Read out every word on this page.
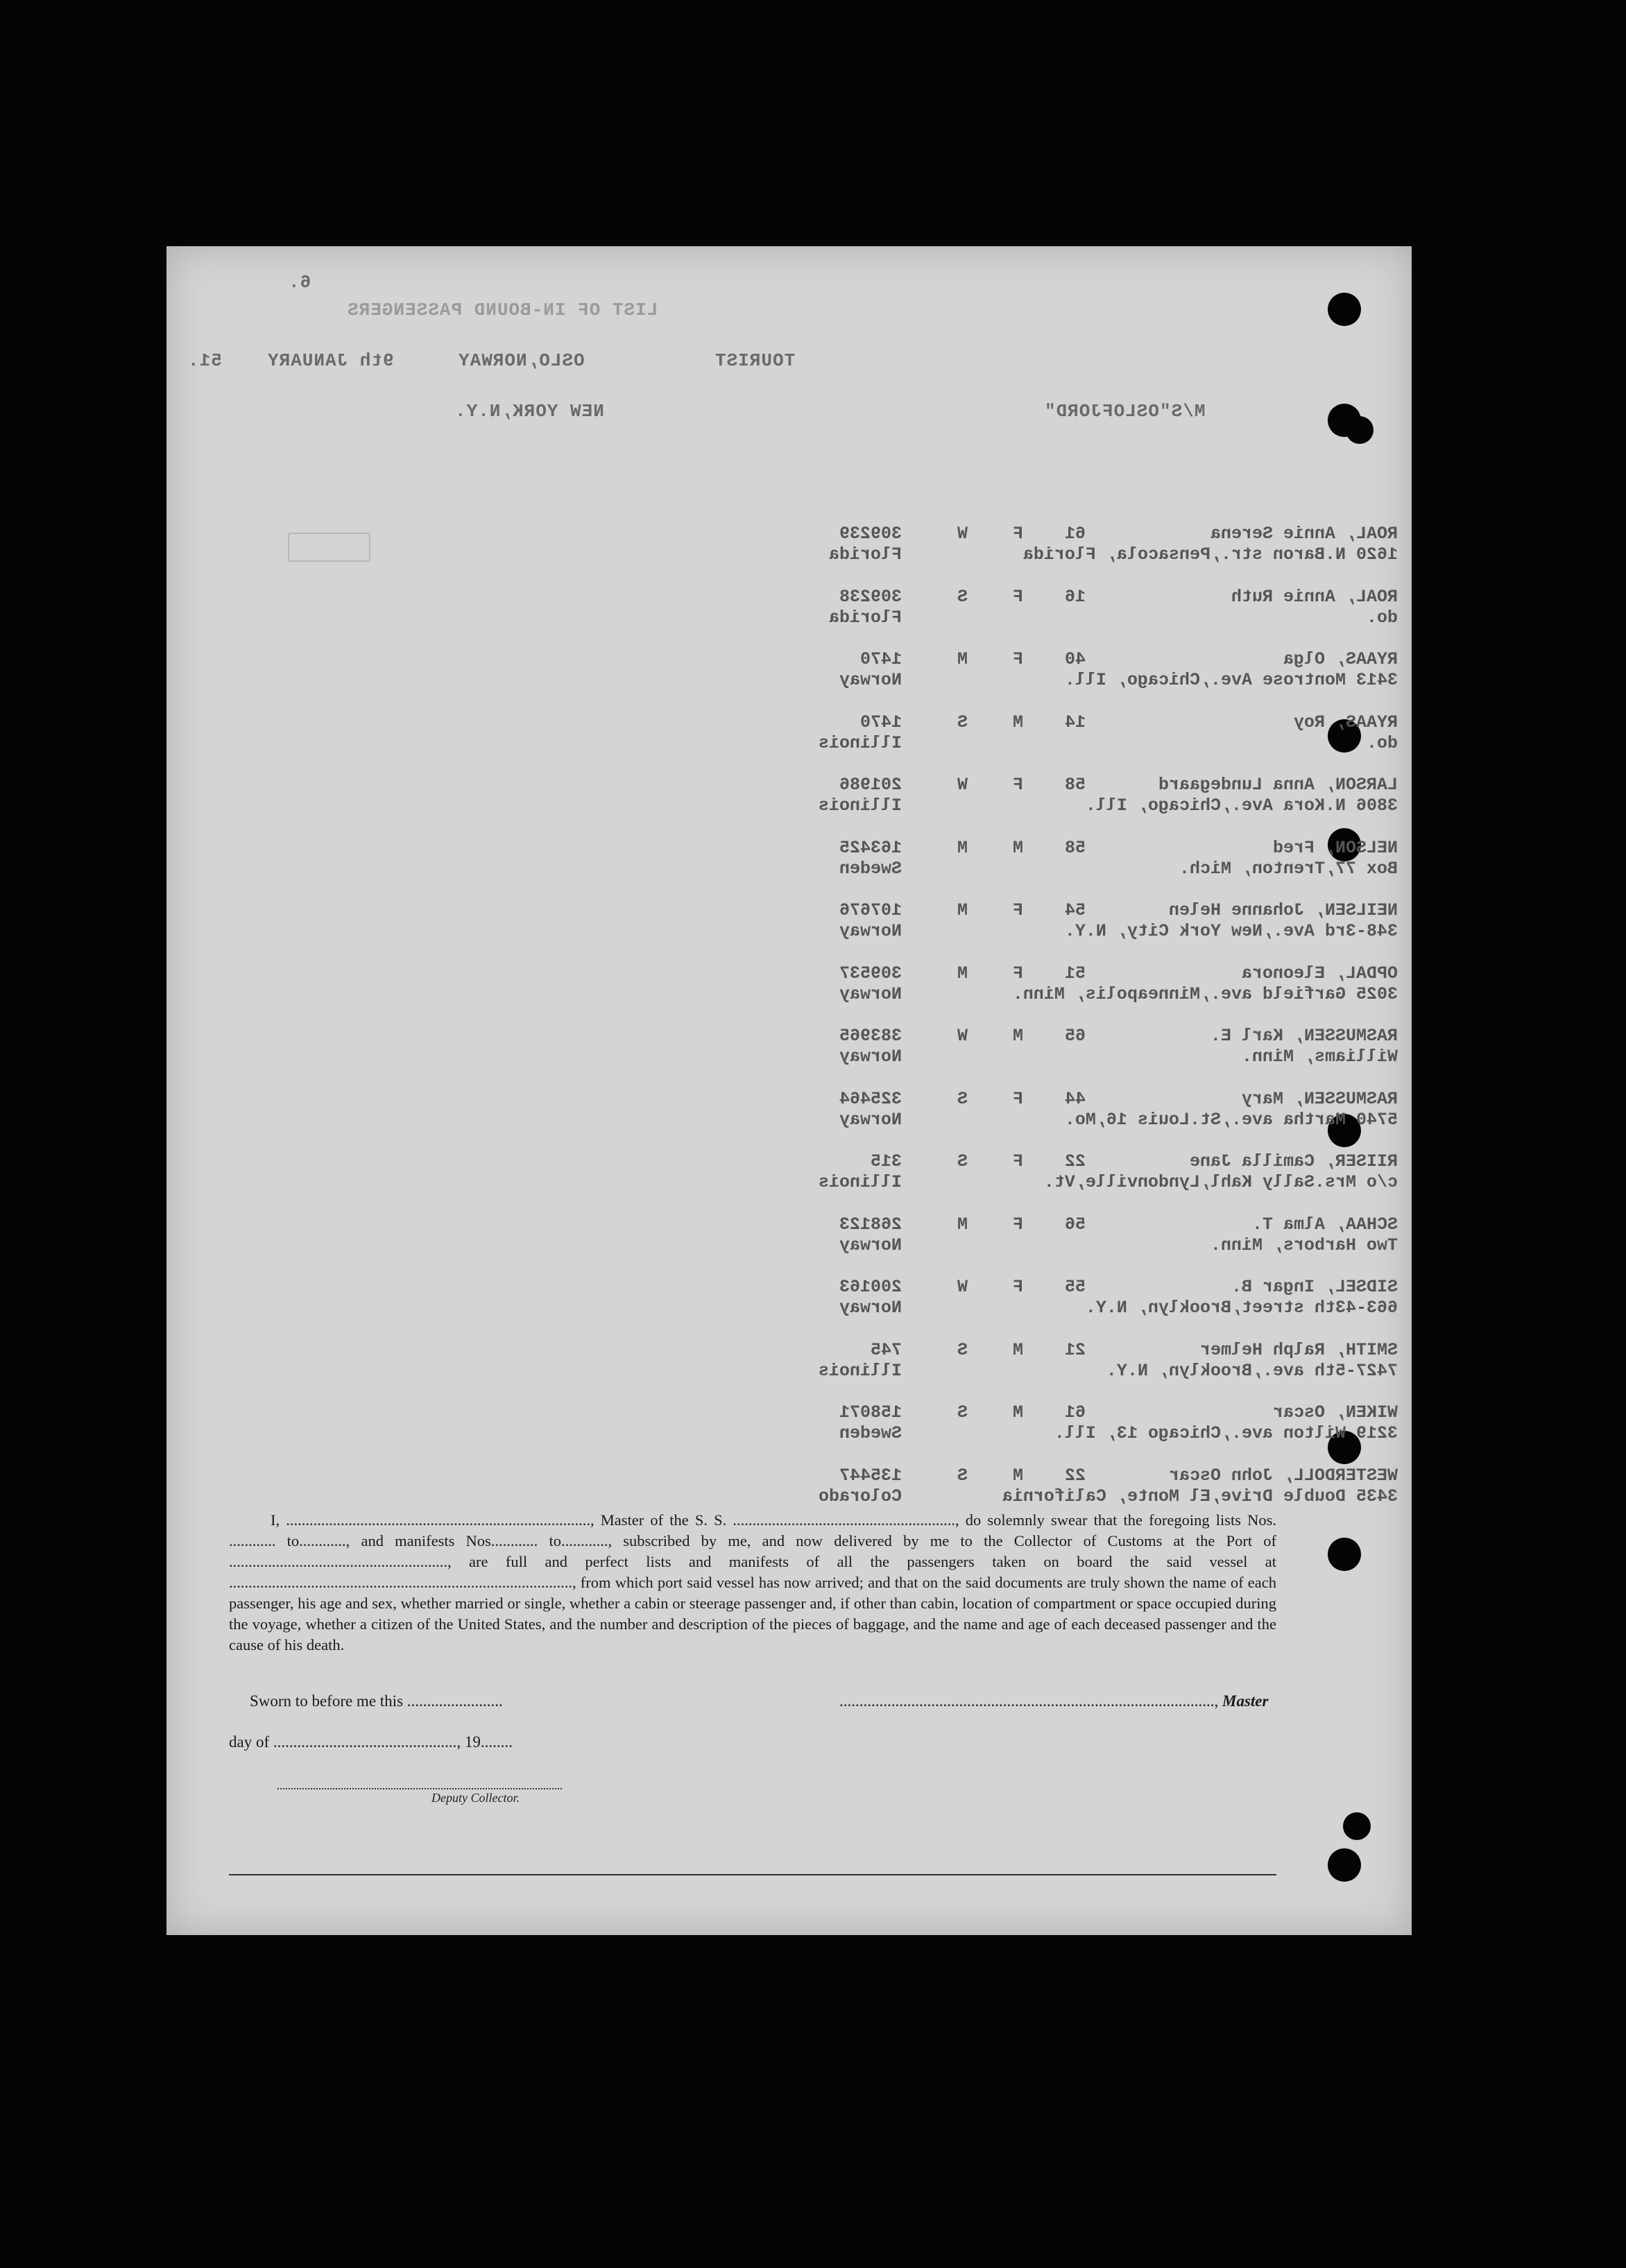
6.
LIST OF IN-BOUND PASSENGERS
TOURIST
OSLO,NORWAY
9th JANUARY
51.
M/S"OSLOFJORD"
NEW YORK,N.Y.
ROAL, Annie Serena
1620 N.Baron str.,Pensacola, Florida
61
F
W
309239
Florida
ROAL, Annie Ruth
do.
16
F
S
309238
Florida
RYAAS, Olga
3413 Montrose Ave.,Chicago, Ill.
40
F
M
1470
Norway
RYAAS, Roy
do.
14
M
S
1470
Illinois
LARSON, Anna Lundegaard
3806 N.Kora Ave.,Chicago, Ill.
58
F
W
201986
Illinois
NELSON, Fred
Box 77,Trenton, Mich.
58
M
M
163425
Sweden
NEILSEN, Johanne Helen
348-3rd Ave.,New York City, N.Y.
54
F
M
107676
Norway
OPDAL, Eleonora
3025 Garfield ave.,Minneapolis, Minn.
51
F
M
309537
Norway
RASMUSSEN, Karl E.
Williams, Minn.
65
M
W
383965
Norway
RASMUSSEN, Mary
5740 Martha ave.,St.Louis 16,Mo.
44
F
S
325464
Norway
RIISER, Camilla Jane
c/o Mrs.Sally Kahl,Lyndonville,Vt.
22
F
S
315
Illinois
SCHAA, Alma T.
Two Harbors, Minn.
56
F
M
268123
Norway
SIDSEL, Ingar B.
663-43th street,Brooklyn, N.Y.
55
F
W
200163
Norway
SMITH, Ralph Helmer
7427-5th ave.,Brooklyn, N.Y.
21
M
S
745
Illinois
WIKEN, Oscar
3219 Wilton ave.,Chicago 13, Ill.
61
M
S
158071
Sweden
WESTERDOLL, John Oscar
3435 Double Drive,El Monte, California
22
M
S
135447
Colorado

I, .............................................................................., Master of the S. S. ........................................................., do solemnly swear that the foregoing lists Nos. ............ to............, and manifests Nos............ to............, subscribed by me, and now delivered by me to the Collector of Customs at the Port of ........................................................, are full and perfect lists and manifests of all the passengers taken on board the said vessel at ........................................................................................, from which port said vessel has now arrived; and that on the said documents are truly shown the name of each passenger, his age and sex, whether married or single, whether a cabin or steerage passenger and, if other than cabin, location of compartment or space occupied during the voyage, whether a citizen of the United States, and the number and description of the pieces of baggage, and the name and age of each deceased passenger and the cause of his death.

Sworn to before me this ........................	.............................................................................................., Master
day of .............................................., 19........
Deputy Collector.
